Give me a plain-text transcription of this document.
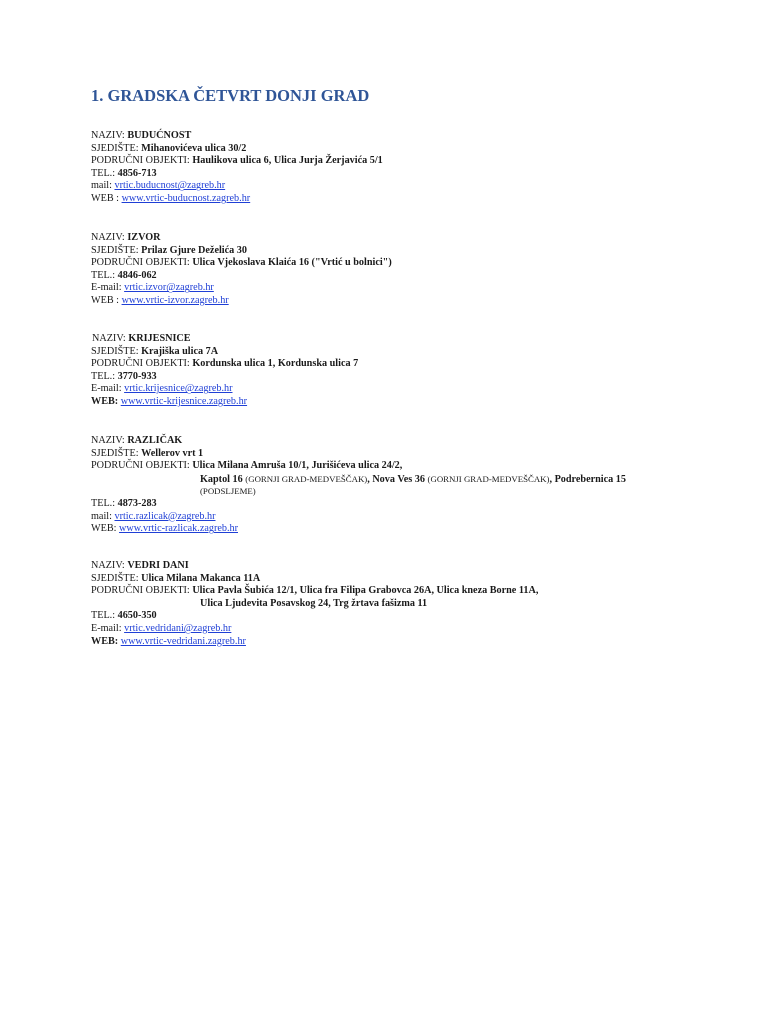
1. GRADSKA ČETVRT DONJI GRAD
NAZIV: BUDUĆNOST
SJEDIŠTE: Mihanovićeva ulica 30/2
PODRUČNI OBJEKTI: Haulikova ulica 6, Ulica Jurja Žerjavića 5/1
TEL.: 4856-713
mail: vrtic.buducnost@zagreb.hr
WEB : www.vrtic-buducnost.zagreb.hr
NAZIV: IZVOR
SJEDIŠTE: Prilaz Gjure Deželića 30
PODRUČNI OBJEKTI: Ulica Vjekoslava Klaića 16 ("Vrtić u bolnici")
TEL.: 4846-062
E-mail: vrtic.izvor@zagreb.hr
WEB : www.vrtic-izvor.zagreb.hr
NAZIV: KRIJESNICE
SJEDIŠTE: Krajiška ulica 7A
PODRUČNI OBJEKTI: Kordunska ulica 1, Kordunska ulica 7
TEL.: 3770-933
E-mail: vrtic.krijesnice@zagreb.hr
WEB: www.vrtic-krijesnice.zagreb.hr
NAZIV: RAZLIČAK
SJEDIŠTE: Wellerov vrt 1
PODRUČNI OBJEKTI: Ulica Milana Amruša 10/1, Jurišićeva ulica 24/2,
Kaptol 16 (GORNJI GRAD-MEDVEŠČAK), Nova Ves 36 (GORNJI GRAD-MEDVEŠČAK), Podrebernica 15
(PODSLJEME)
TEL.: 4873-283
mail: vrtic.razlicak@zagreb.hr
WEB: www.vrtic-razlicak.zagreb.hr
NAZIV: VEDRI DANI
SJEDIŠTE: Ulica Milana Makanca 11A
PODRUČNI OBJEKTI: Ulica Pavla Šubića 12/1, Ulica fra Filipa Grabovca 26A, Ulica kneza Borne 11A,
Ulica Ljudevita Posavskog 24, Trg žrtava fašizma 11
TEL.: 4650-350
E-mail: vrtic.vedridani@zagreb.hr
WEB: www.vrtic-vedridani.zagreb.hr
